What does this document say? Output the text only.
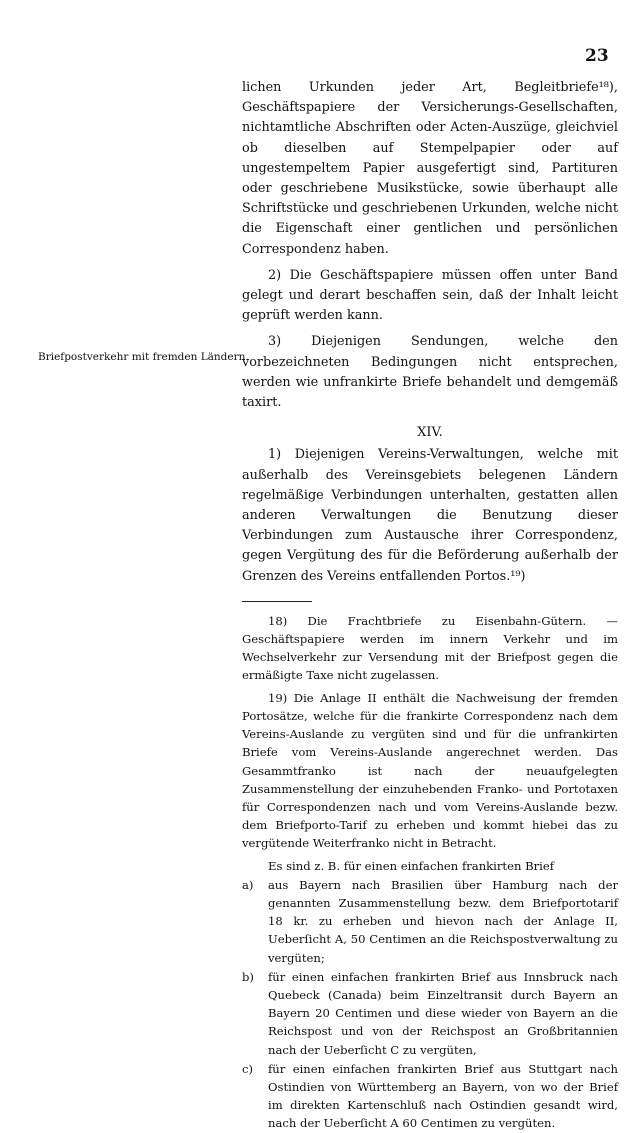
23
Briefpostverkehr mit fremden Ländern.

lichen Urkunden jeder Art, Begleitbriefe¹⁸), Geschäftspapiere der Versicherungs-Gesellschaften, nichtamtliche Abschriften oder Acten-Auszüge, gleichviel ob dieselben auf Stempelpapier oder auf ungestempeltem Papier ausgefertigt sind, Partituren oder geschriebene Musikstücke, sowie überhaupt alle Schriftstücke und geschriebenen Urkunden, welche nicht die Eigenschaft einer gentlichen und persönlichen Correspondenz haben.

2) Die Geschäftspapiere müssen offen unter Band gelegt und derart beschaffen sein, daß der Inhalt leicht geprüft werden kann.

3) Diejenigen Sendungen, welche den vorbezeichneten Bedingungen nicht entsprechen, werden wie unfrankirte Briefe behandelt und demgemäß taxirt.

XIV.

1) Diejenigen Vereins-Verwaltungen, welche mit außerhalb des Vereinsgebiets belegenen Ländern regelmäßige Verbindungen unterhalten, gestatten allen anderen Verwaltungen die Benutzung dieser Verbindungen zum Austausche ihrer Correspondenz, gegen Vergütung des für die Beförderung außerhalb der Grenzen des Vereins entfallenden Portos.¹⁹)

18) Die Frachtbriefe zu Eisenbahn-Gütern. — Geschäftspapiere werden im innern Verkehr und im Wechselverkehr zur Versendung mit der Briefpost gegen die ermäßigte Taxe nicht zugelassen.

19) Die Anlage II enthält die Nachweisung der fremden Portosätze, welche für die frankirte Correspondenz nach dem Vereins-Auslande zu vergüten sind und für die unfrankirten Briefe vom Vereins-Auslande angerechnet werden. Das Gesammtfranko ist nach der neuaufgelegten Zusammenstellung der einzuhebenden Franko- und Portotaxen für Correspondenzen nach und vom Vereins-Auslande bezw. dem Briefporto-Tarif zu erheben und kommt hiebei das zu vergütende Weiterfranko nicht in Betracht.

Es sind z. B. für einen einfachen frankirten Brief

a)	aus Bayern nach Brasilien über Hamburg nach der genannten Zusammenstellung bezw. dem Briefportotarif 18 kr. zu erheben und hievon nach der Anlage II, Ueberſicht A, 50 Centimen an die Reichspostverwaltung zu vergüten;
b)	für einen einfachen frankirten Brief aus Innsbruck nach Quebeck (Canada) beim Einzeltransit durch Bayern an Bayern 20 Centimen und diese wieder von Bayern an die Reichspost und von der Reichspost an Großbritannien nach der Ueberſicht C zu vergüten,
c)	für einen einfachen frankirten Brief aus Stuttgart nach Ostindien von Württemberg an Bayern, von wo der Brief im direkten Kartenschluß nach Ostindien gesandt wird, nach der Ueberſicht A 60 Centimen zu vergüten.
